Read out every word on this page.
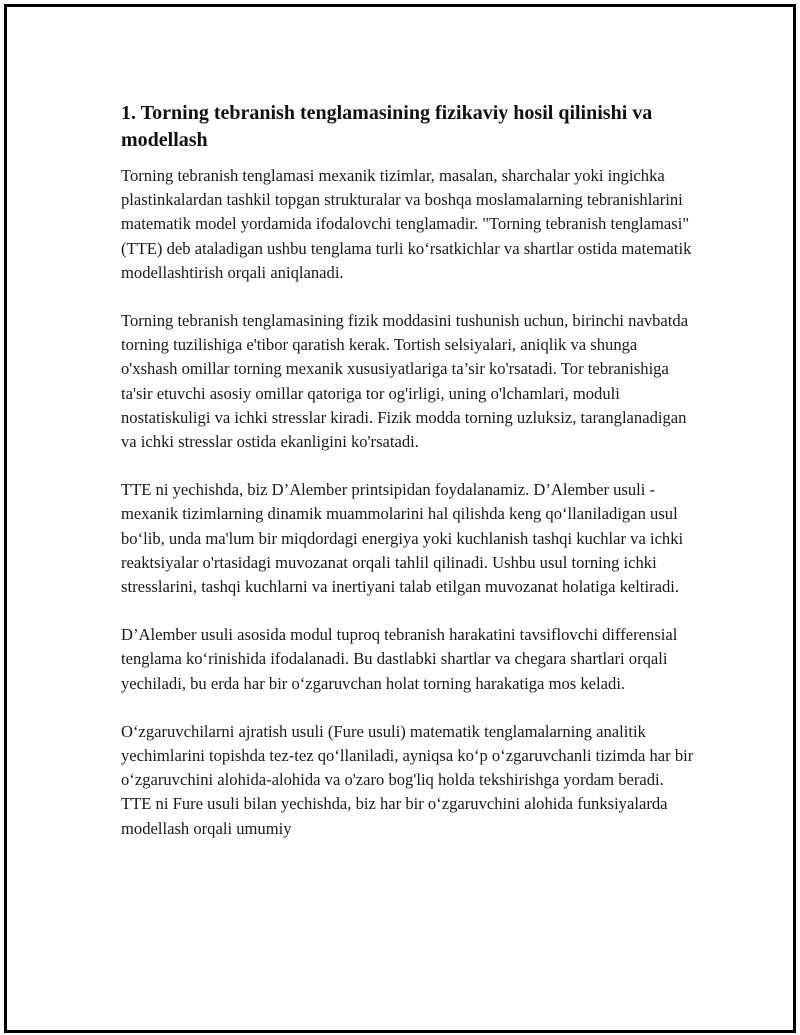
1. Torning tebranish tenglamasining fizikaviy hosil qilinishi va modellash

Torning tebranish tenglamasi mexanik tizimlar, masalan, sharchalar yoki ingichka plastinkalardan tashkil topgan strukturalar va boshqa moslamalarning tebranishlarini matematik model yordamida ifodalovchi tenglamadir. "Torning tebranish tenglamasi" (TTE) deb ataladigan ushbu tenglama turli ko‘rsatkichlar va shartlar ostida matematik modellashtirish orqali aniqlanadi.

Torning tebranish tenglamasining fizik moddasini tushunish uchun, birinchi navbatda torning tuzilishiga e'tibor qaratish kerak. Tortish selsiyalari, aniqlik va shunga o'xshash omillar torning mexanik xususiyatlariga ta’sir ko'rsatadi. Tor tebranishiga ta'sir etuvchi asosiy omillar qatoriga tor og'irligi, uning o'lchamlari, moduli nostatiskuligi va ichki stresslar kiradi. Fizik modda torning uzluksiz, taranglanadigan va ichki stresslar ostida ekanligini ko'rsatadi.

TTE ni yechishda, biz D’Alember printsipidan foydalanamiz. D’Alember usuli - mexanik tizimlarning dinamik muammolarini hal qilishda keng qo‘llaniladigan usul bo‘lib, unda ma'lum bir miqdordagi energiya yoki kuchlanish tashqi kuchlar va ichki reaktsiyalar o'rtasidagi muvozanat orqali tahlil qilinadi. Ushbu usul torning ichki stresslarini, tashqi kuchlarni va inertiyani talab etilgan muvozanat holatiga keltiradi.

D’Alember usuli asosida modul tuproq tebranish harakatini tavsiflovchi differensial tenglama ko‘rinishida ifodalanadi. Bu dastlabki shartlar va chegara shartlari orqali yechiladi, bu erda har bir o‘zgaruvchan holat torning harakatiga mos keladi.

O‘zgaruvchilarni ajratish usuli (Fure usuli) matematik tenglamalarning analitik yechimlarini topishda tez-tez qo‘llaniladi, ayniqsa ko‘p o‘zgaruvchanli tizimda har bir o‘zgaruvchini alohida-alohida va o'zaro bog'liq holda tekshirishga yordam beradi. TTE ni Fure usuli bilan yechishda, biz har bir o‘zgaruvchini alohida funksiyalarda modellash orqali umumiy
